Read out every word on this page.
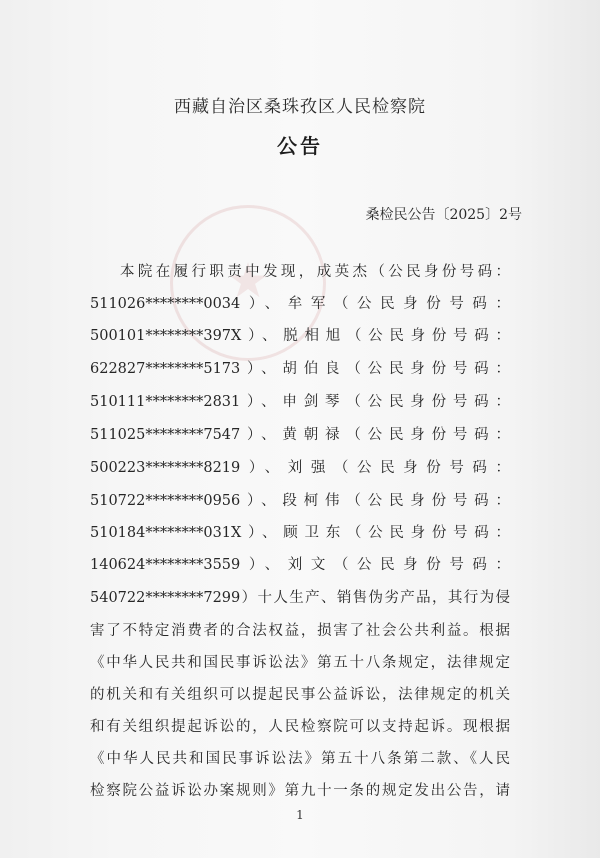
★
西藏自治区桑珠孜区人民检察院
公告
桑检民公告〔2025〕2号
本院在履行职责中发现，成英杰（公民身份号码：
511026********0034）、牟军（公民身份号码：
500101********397X）、脱相旭（公民身份号码：
622827********5173）、胡伯良（公民身份号码：
510111********2831）、申剑琴（公民身份号码：
511025********7547）、黄朝禄（公民身份号码：
500223********8219）、刘强（公民身份号码：
510722********0956）、段柯伟（公民身份号码：
510184********031X）、顾卫东（公民身份号码：
140624********3559）、刘文（公民身份号码：
540722********7299）十人生产、销售伪劣产品，其行为侵
害了不特定消费者的合法权益，损害了社会公共利益。根据
《中华人民共和国民事诉讼法》第五十八条规定，法律规定
的机关和有关组织可以提起民事公益诉讼，法律规定的机关
和有关组织提起诉讼的，人民检察院可以支持起诉。现根据
《中华人民共和国民事诉讼法》第五十八条第二款、《人民
检察院公益诉讼办案规则》第九十一条的规定发出公告，请
1
